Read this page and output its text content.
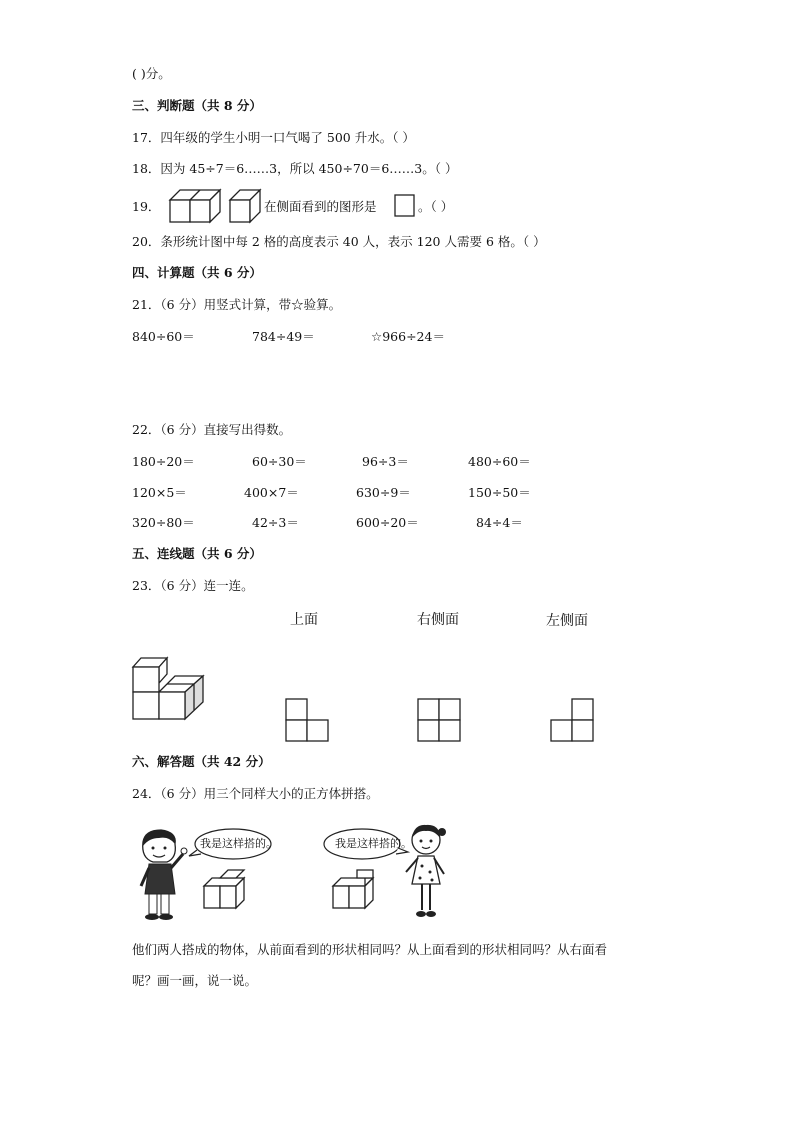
( )分。
三、判断题（共 8 分）
17．四年级的学生小明一口气喝了 500 升水。（ ）
18．因为 45÷7＝6……3，所以 450÷70＝6……3。（ ）
19．	在侧面看到的图形是	。（ ）
20．条形统计图中每 2 格的高度表示 40 人，表示 120 人需要 6 格。（ ）
四、计算题（共 6 分）
21．（6 分）用竖式计算，带☆验算。
840÷60＝	784÷49＝	☆966÷24＝
22．（6 分）直接写出得数。
180÷20＝	60÷30＝	96÷3＝	480÷60＝
120×5＝	400×7＝	630÷9＝	150÷50＝
320÷80＝	42÷3＝	600÷20＝	84÷4＝
五、连线题（共 6 分）
23．（6 分）连一连。
上面	右侧面	左侧面
六、解答题（共 42 分）
24．（6 分）用三个同样大小的正方体拼搭。
我是这样搭的。	我是这样搭的。
他们两人搭成的物体，从前面看到的形状相同吗？从上面看到的形状相同吗？从右面看
呢？画一画，说一说。
